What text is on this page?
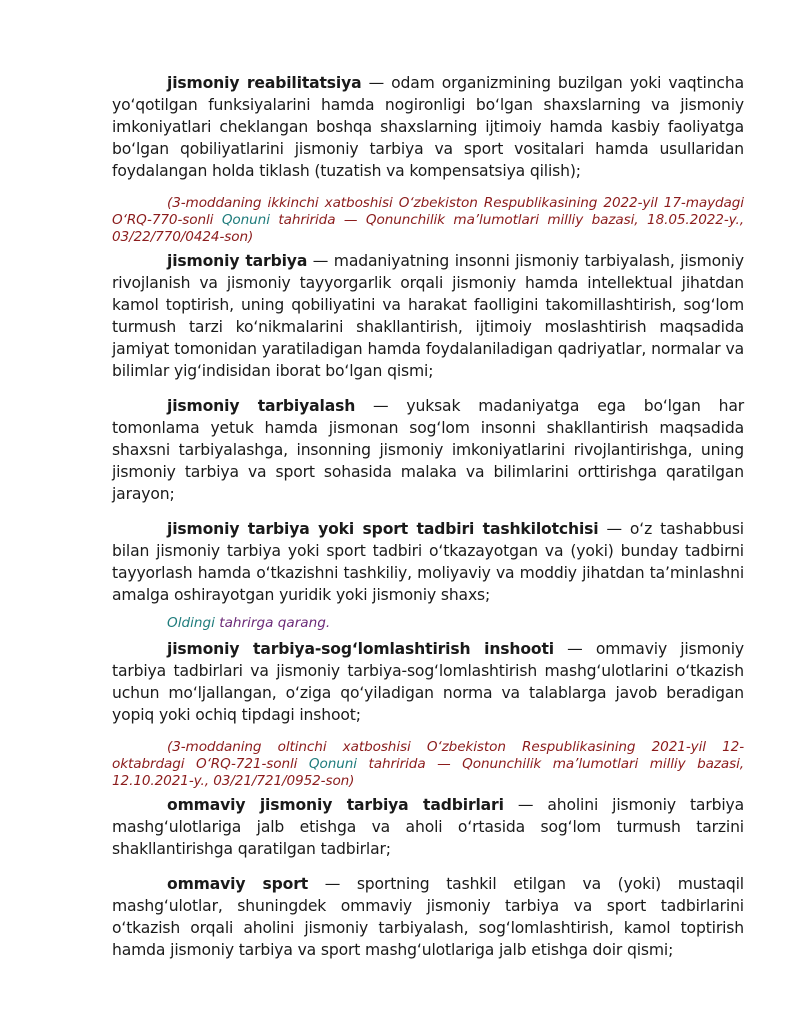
jismoniy reabilitatsiya — odam organizmining buzilgan yoki vaqtincha yo‘qotilgan funksiyalarini hamda nogironligi bo‘lgan shaxslarning va jismoniy imkoniyatlari cheklangan boshqa shaxslarning ijtimoiy hamda kasbiy faoliyatga bo‘lgan qobiliyatlarini jismoniy tarbiya va sport vositalari hamda usullaridan foydalangan holda tiklash (tuzatish va kompensatsiya qilish);

(3-moddaning ikkinchi xatboshisi O‘zbekiston Respublikasining 2022-yil 17-maydagi O‘RQ-770-sonli Qonuni tahririda — Qonunchilik ma’lumotlari milliy bazasi, 18.05.2022-y., 03/22/770/0424-son)

jismoniy tarbiya — madaniyatning insonni jismoniy tarbiyalash, jismoniy rivojlanish va jismoniy tayyorgarlik orqali jismoniy hamda intellektual jihatdan kamol toptirish, uning qobiliyatini va harakat faolligini takomillashtirish, sog‘lom turmush tarzi ko‘nikmalarini shakllantirish, ijtimoiy moslashtirish maqsadida jamiyat tomonidan yaratiladigan hamda foydalaniladigan qadriyatlar, normalar va bilimlar yig‘indisidan iborat bo‘lgan qismi;

jismoniy tarbiyalash — yuksak madaniyatga ega bo‘lgan har tomonlama yetuk hamda jismonan sog‘lom insonni shakllantirish maqsadida shaxsni tarbiyalashga, insonning jismoniy imkoniyatlarini rivojlantirishga, uning jismoniy tarbiya va sport sohasida malaka va bilimlarini orttirishga qaratilgan jarayon;

jismoniy tarbiya yoki sport tadbiri tashkilotchisi — o‘z tashabbusi bilan jismoniy tarbiya yoki sport tadbiri o‘tkazayotgan va (yoki) bunday tadbirni tayyorlash hamda o‘tkazishni tashkiliy, moliyaviy va moddiy jihatdan ta’minlashni amalga oshirayotgan yuridik yoki jismoniy shaxs;

Oldingi tahrirga qarang.

jismoniy tarbiya-sog‘lomlashtirish inshooti — ommaviy jismoniy tarbiya tadbirlari va jismoniy tarbiya-sog‘lomlashtirish mashg‘ulotlarini o‘tkazish uchun mo‘ljallangan, o‘ziga qo‘yiladigan norma va talablarga javob beradigan yopiq yoki ochiq tipdagi inshoot;

(3-moddaning oltinchi xatboshisi O‘zbekiston Respublikasining 2021-yil 12-oktabrdagi O‘RQ-721-sonli Qonuni tahririda — Qonunchilik ma’lumotlari milliy bazasi, 12.10.2021-y., 03/21/721/0952-son)

ommaviy jismoniy tarbiya tadbirlari — aholini jismoniy tarbiya mashg‘ulotlariga jalb etishga va aholi o‘rtasida sog‘lom turmush tarzini shakllantirishga qaratilgan tadbirlar;

ommaviy sport — sportning tashkil etilgan va (yoki) mustaqil mashg‘ulotlar, shuningdek ommaviy jismoniy tarbiya va sport tadbirlarini o‘tkazish orqali aholini jismoniy tarbiyalash, sog‘lomlashtirish, kamol toptirish hamda jismoniy tarbiya va sport mashg‘ulotlariga jalb etishga doir qismi;
